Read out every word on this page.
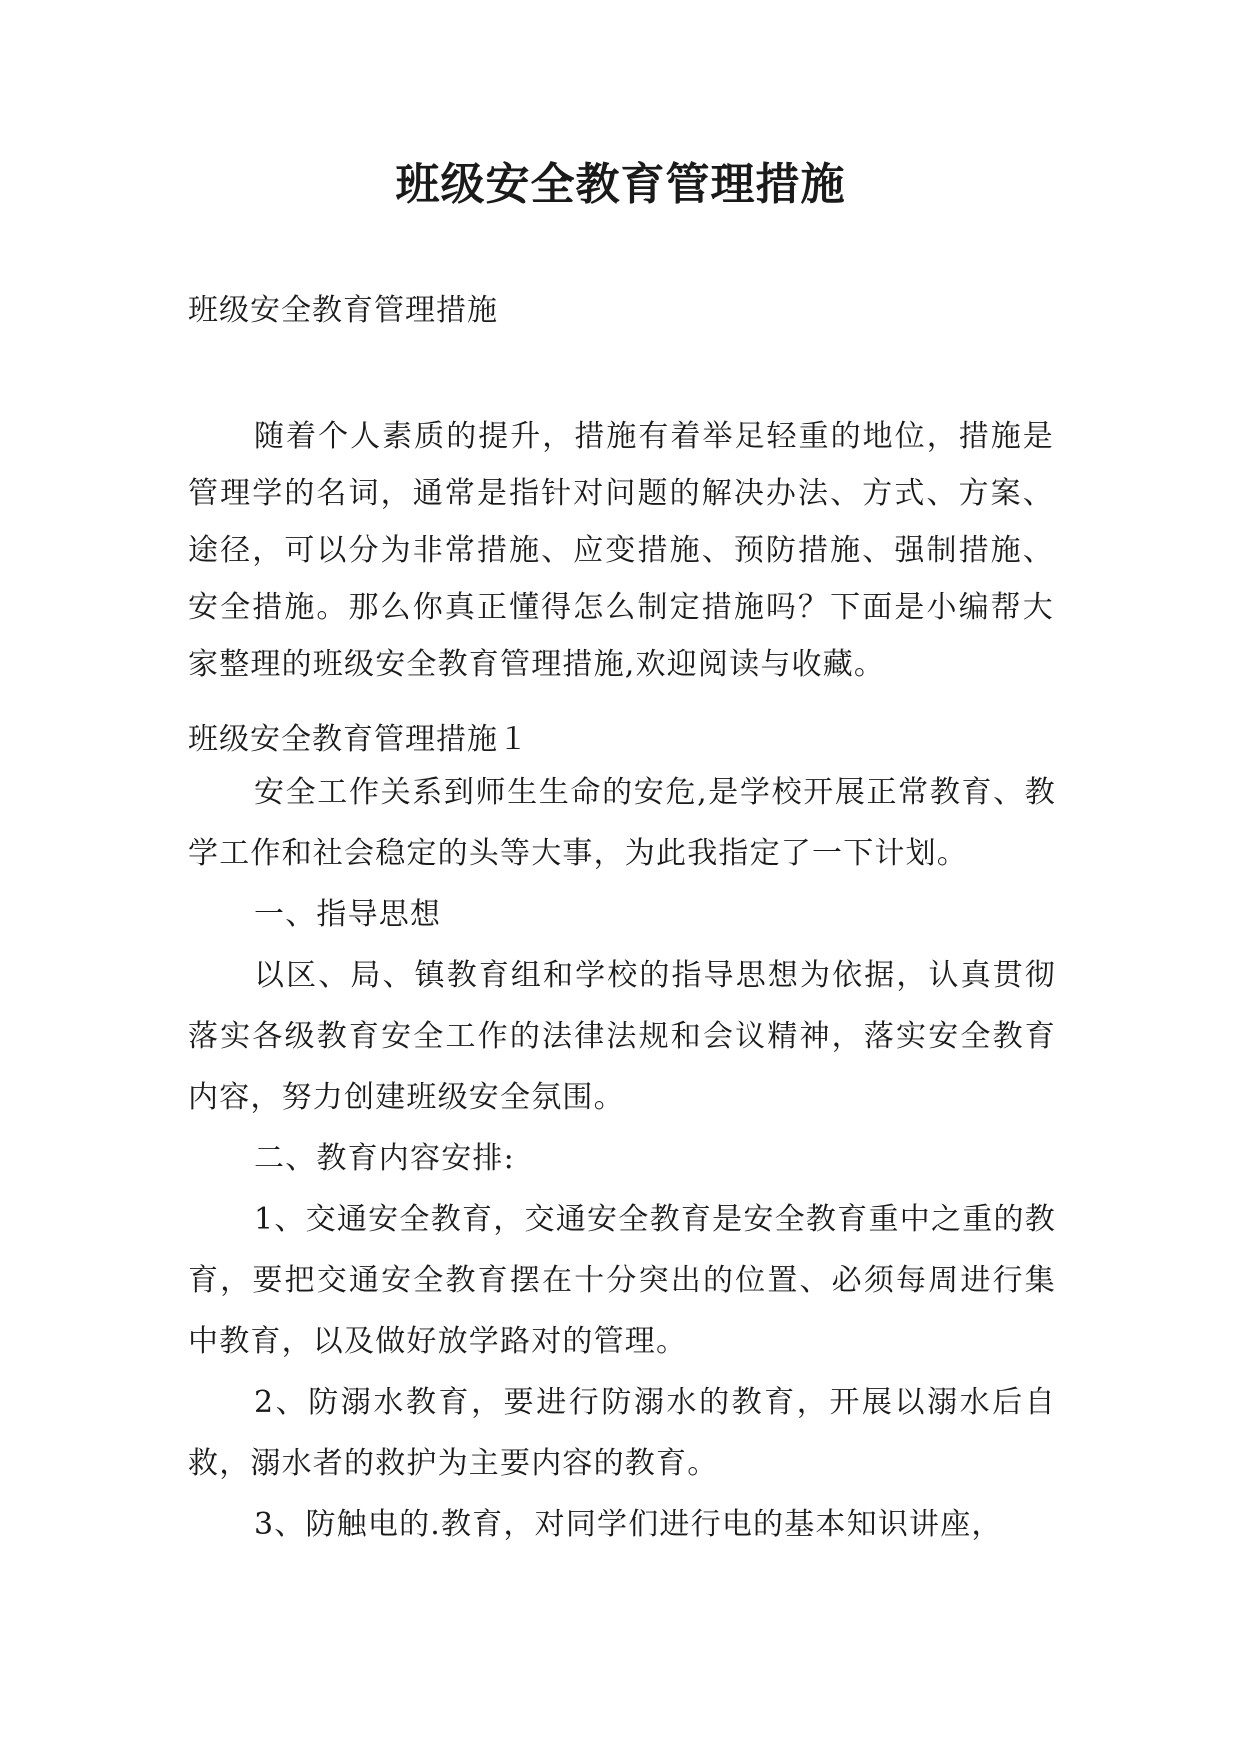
班级安全教育管理措施
班级安全教育管理措施

随着个人素质的提升，措施有着举足轻重的地位，措施是管理学的名词，通常是指针对问题的解决办法、方式、方案、途径，可以分为非常措施、应变措施、预防措施、强制措施、安全措施。那么你真正懂得怎么制定措施吗？下面是小编帮大家整理的班级安全教育管理措施,欢迎阅读与收藏。

班级安全教育管理措施１

安全工作关系到师生生命的安危,是学校开展正常教育、教学工作和社会稳定的头等大事，为此我指定了一下计划。

一、指导思想

以区、局、镇教育组和学校的指导思想为依据，认真贯彻落实各级教育安全工作的法律法规和会议精神，落实安全教育内容，努力创建班级安全氛围。

二、教育内容安排:

1、交通安全教育，交通安全教育是安全教育重中之重的教育，要把交通安全教育摆在十分突出的位置、必须每周进行集中教育，以及做好放学路对的管理。

2、防溺水教育，要进行防溺水的教育，开展以溺水后自救，溺水者的救护为主要内容的教育。

3、防触电的.教育，对同学们进行电的基本知识讲座，
